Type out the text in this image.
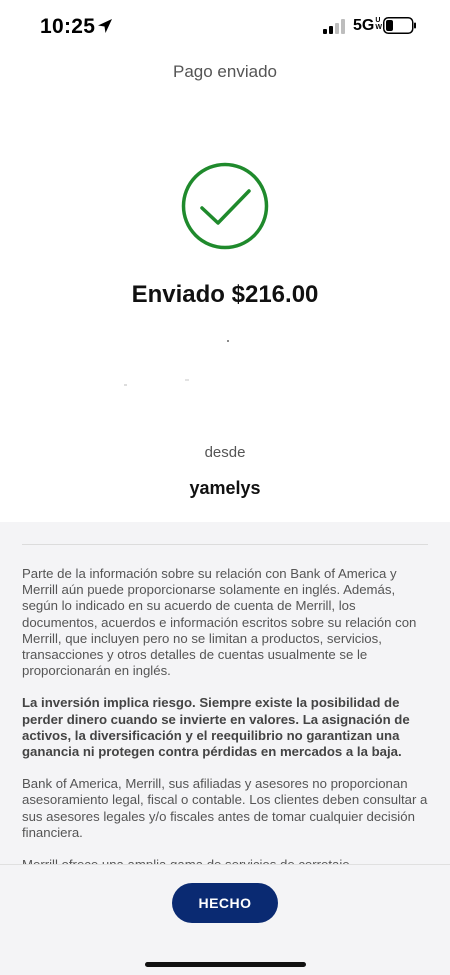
10:25	5GUW
Pago enviado
Enviado $216.00
desde
yamelys

Parte de la información sobre su relación con Bank of America y Merrill aún puede proporcionarse solamente en inglés. Además, según lo indicado en su acuerdo de cuenta de Merrill, los documentos, acuerdos e información escritos sobre su relación con Merrill, que incluyen pero no se limitan a productos, servicios, transacciones y otros detalles de cuentas usualmente se le proporcionarán en inglés.

La inversión implica riesgo. Siempre existe la posibilidad de perder dinero cuando se invierte en valores. La asignación de activos, la diversificación y el reequilibrio no garantizan una ganancia ni protegen contra pérdidas en mercados a la baja.

Bank of America, Merrill, sus afiliadas y asesores no proporcionan asesoramiento legal, fiscal o contable. Los clientes deben consultar a sus asesores legales y/o fiscales antes de tomar cualquier decisión financiera.

HECHO
